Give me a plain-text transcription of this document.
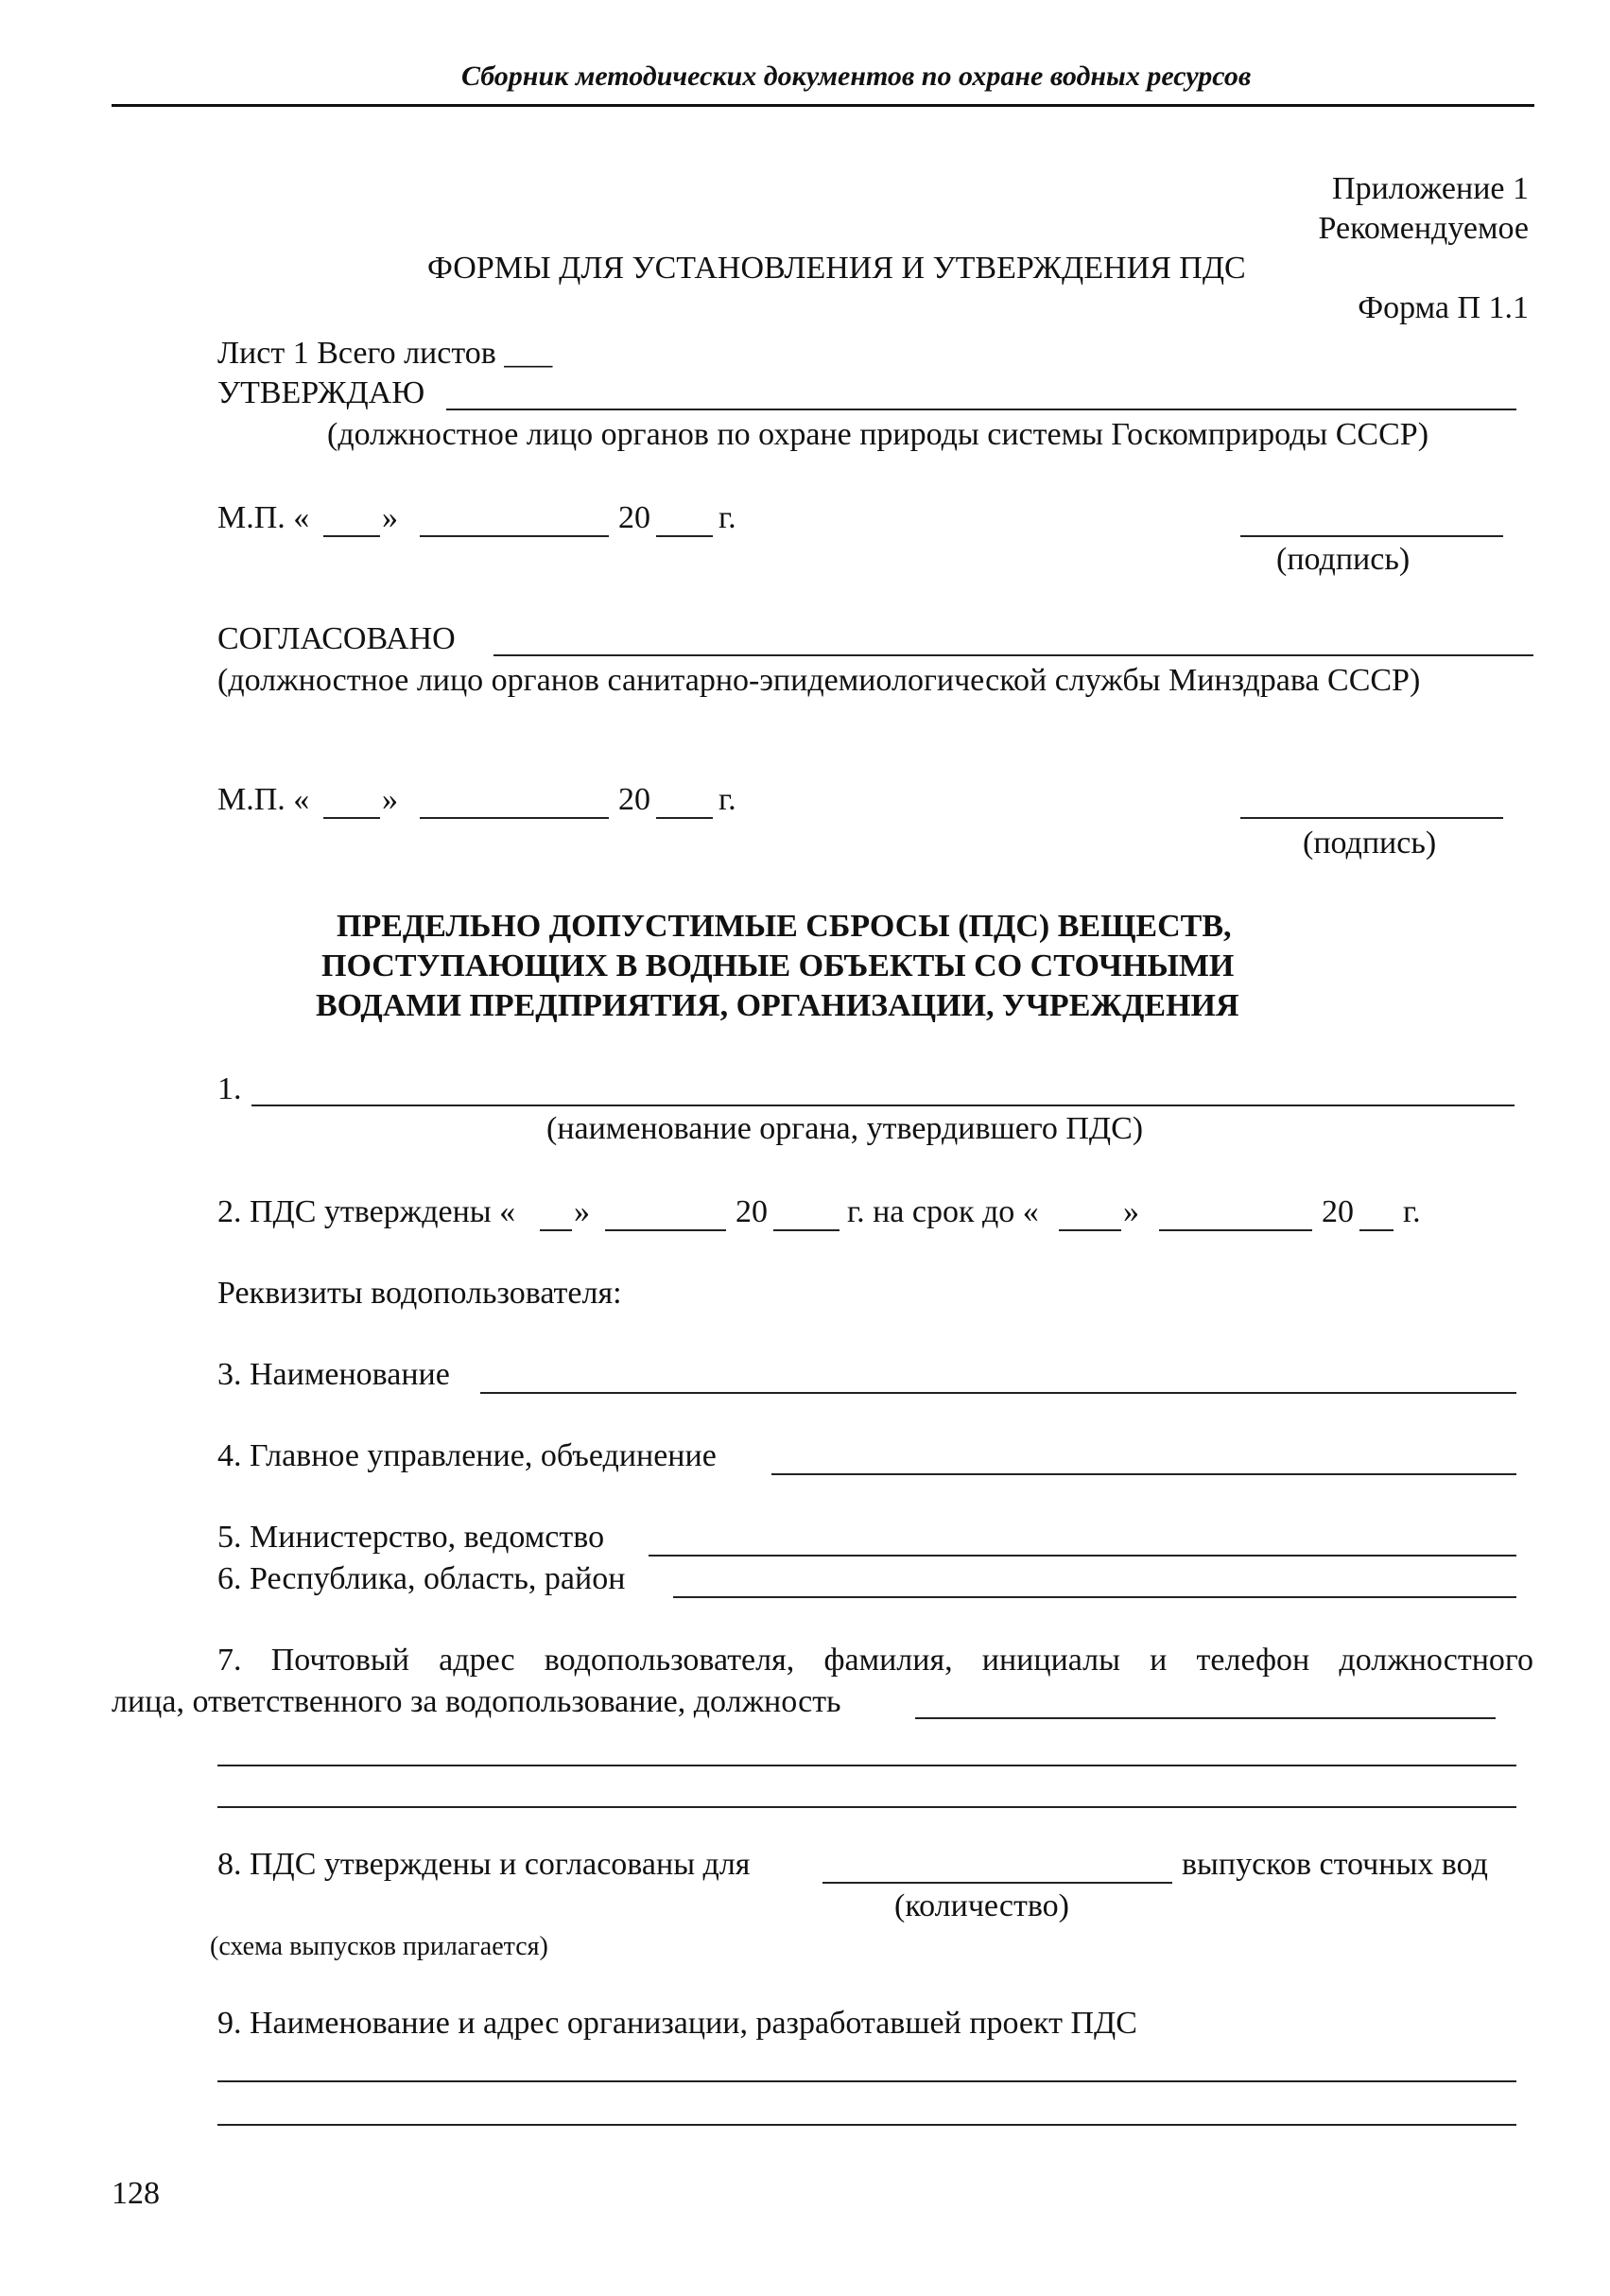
Сборник методических документов по охране водных ресурсов
Приложение 1
Рекомендуемое
ФОРМЫ ДЛЯ УСТАНОВЛЕНИЯ И УТВЕРЖДЕНИЯ ПДС
Форма П 1.1
Лист 1 Всего листов ___
УТВЕРЖДАЮ
(должностное лицо органов по охране природы системы Госкомприроды СССР)
М.П. « »	20 г.
(подпись)
СОГЛАСОВАНО
(должностное лицо органов санитарно-эпидемиологической службы Минздрава СССР)
М.П. « »	20 г.
(подпись)
ПРЕДЕЛЬНО ДОПУСТИМЫЕ СБРОСЫ (ПДС) ВЕЩЕСТВ,
ПОСТУПАЮЩИХ В ВОДНЫЕ ОБЪЕКТЫ СО СТОЧНЫМИ
ВОДАМИ ПРЕДПРИЯТИЯ, ОРГАНИЗАЦИИ, УЧРЕЖДЕНИЯ
1.
(наименование органа, утвердившего ПДС)
2. ПДС утверждены « »	20 г. на срок до «	»	20 г.
Реквизиты водопользователя:
3. Наименование
4. Главное управление, объединение
5. Министерство, ведомство
6. Республика, область, район
7. Почтовый адрес водопользователя, фамилия, инициалы и телефон должностного
лица, ответственного за водопользование, должность
8. ПДС утверждены и согласованы для	выпусков сточных вод
(количество)
(схема выпусков прилагается)
9. Наименование и адрес организации, разработавшей проект ПДС
128
